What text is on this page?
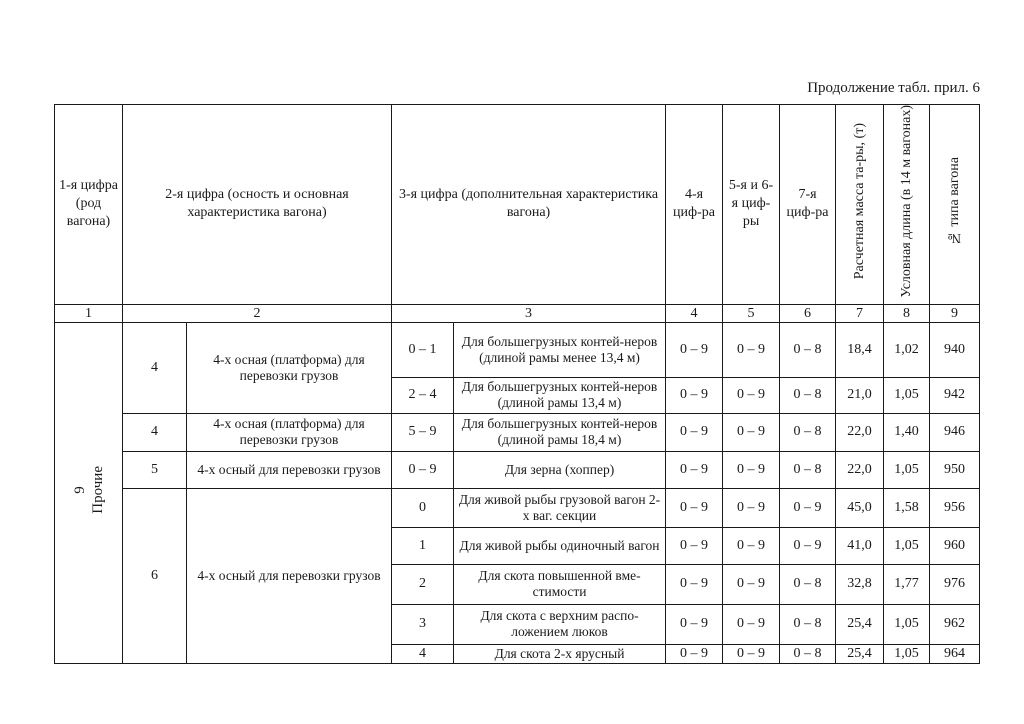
Продолжение табл. прил. 6
1-я цифра (род вагона)	2-я цифра (осность и основная характеристика вагона)		3-я цифра (дополнительная характеристика вагона)		4-я циф-ра	5-я и 6-я циф-ры	7-я циф-ра	Расчетная масса та-ры, (т)	Условная длина (в 14 м вагонах)	№ типа вагона
1	2		3		4	5	6	7	8	9
9 Прочие	4	4-х осная (платформа) для перевозки грузов	0 – 1	Для большегрузных контей-неров (длиной рамы менее 13,4 м)	0 – 9	0 – 9	0 – 8	18,4	1,02	940
			2 – 4	Для большегрузных контей-неров (длиной рамы 13,4 м)	0 – 9	0 – 9	0 – 8	21,0	1,05	942
	4	4-х осная (платформа) для перевозки грузов	5 – 9	Для большегрузных контей-неров (длиной рамы 18,4 м)	0 – 9	0 – 9	0 – 8	22,0	1,40	946
	5	4-х осный для перевозки грузов	0 – 9	Для зерна (хоппер)	0 – 9	0 – 9	0 – 8	22,0	1,05	950
	6	4-х осный для перевозки грузов	0	Для живой рыбы грузовой вагон 2-х ваг. секции	0 – 9	0 – 9	0 – 9	45,0	1,58	956
			1	Для живой рыбы одиночный вагон	0 – 9	0 – 9	0 – 9	41,0	1,05	960
			2	Для скота повышенной вме-стимости	0 – 9	0 – 9	0 – 8	32,8	1,77	976
			3	Для скота с верхним распо-ложением люков	0 – 9	0 – 9	0 – 8	25,4	1,05	962
			4	Для скота 2-х ярусный	0 – 9	0 – 9	0 – 8	25,4	1,05	964
